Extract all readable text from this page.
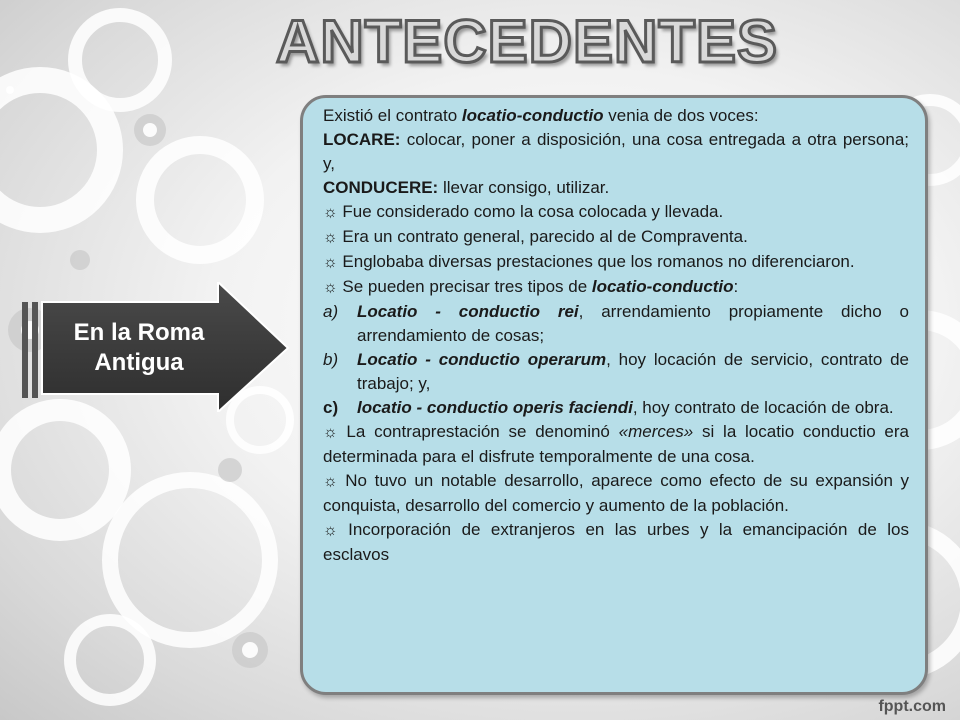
ANTECEDENTES
En la Roma
Antigua

Existió el contrato locatio-conductio venia de dos voces:

LOCARE: colocar, poner a disposición, una cosa entregada a otra persona; y,

CONDUCERE: llevar consigo, utilizar.

☼ Fue considerado como la cosa colocada y llevada.

☼ Era un contrato general, parecido al de Compraventa.

☼ Englobaba diversas prestaciones que los romanos no diferenciaron.

☼ Se pueden precisar tres tipos de locatio-conductio:

a) Locatio - conductio rei, arrendamiento propiamente dicho o arrendamiento de cosas;

b) Locatio - conductio operarum, hoy locación de servicio, contrato de trabajo; y,

c) locatio - conductio operis faciendi, hoy contrato de locación de obra.

☼ La contraprestación se denominó «merces» si la locatio conductio era determinada para el disfrute temporalmente de una cosa.

☼ No tuvo un notable desarrollo, aparece como efecto de su expansión y conquista, desarrollo del comercio y aumento de la población.

☼ Incorporación de extranjeros en las urbes y la emancipación de los esclavos

fppt.com
